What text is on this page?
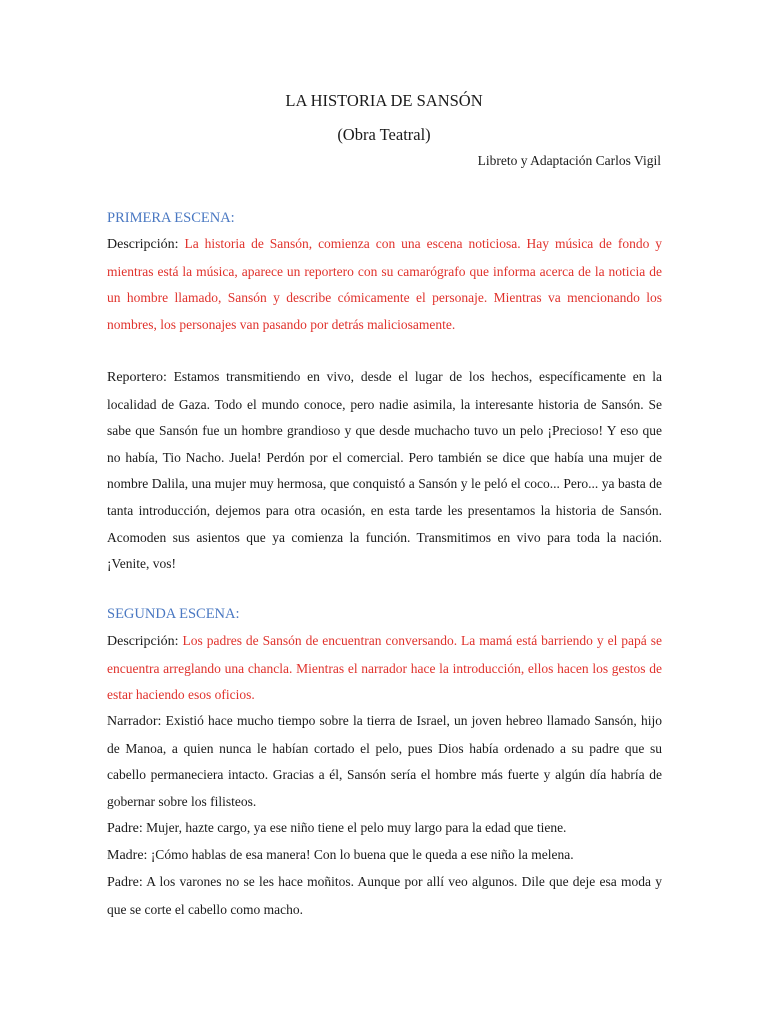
LA HISTORIA DE SANSÓN
(Obra Teatral)
Libreto y Adaptación Carlos Vigil
PRIMERA ESCENA:

Descripción: La historia de Sansón, comienza con una escena noticiosa. Hay música de fondo y mientras está la música, aparece un reportero con su camarógrafo que informa acerca de la noticia de un hombre llamado, Sansón y describe cómicamente el personaje. Mientras va mencionando los nombres, los personajes van pasando por detrás maliciosamente.

Reportero: Estamos transmitiendo en vivo, desde el lugar de los hechos, específicamente en la localidad de Gaza. Todo el mundo conoce, pero nadie asimila, la interesante historia de Sansón. Se sabe que Sansón fue un hombre grandioso y que desde muchacho tuvo un pelo ¡Precioso! Y eso que no había, Tio Nacho. Juela! Perdón por el comercial. Pero también se dice que había una mujer de nombre Dalila, una mujer muy hermosa, que conquistó a Sansón y le peló el coco... Pero... ya basta de tanta introducción, dejemos para otra ocasión, en esta tarde les presentamos la historia de Sansón. Acomoden sus asientos que ya comienza la función. Transmitimos en vivo para toda la nación. ¡Venite, vos!

SEGUNDA ESCENA:

Descripción: Los padres de Sansón de encuentran conversando. La mamá está barriendo y el papá se encuentra arreglando una chancla. Mientras el narrador hace la introducción, ellos hacen los gestos de estar haciendo esos oficios.

Narrador: Existió hace mucho tiempo sobre la tierra de Israel, un joven hebreo llamado Sansón, hijo de Manoa, a quien nunca le habían cortado el pelo, pues Dios había ordenado a su padre que su cabello permaneciera intacto. Gracias a él, Sansón sería el hombre más fuerte y algún día habría de gobernar sobre los filisteos.

Padre: Mujer, hazte cargo, ya ese niño tiene el pelo muy largo para la edad que tiene.

Madre: ¡Cómo hablas de esa manera! Con lo buena que le queda a ese niño la melena.

Padre: A los varones no se les hace moñitos. Aunque por allí veo algunos. Dile que deje esa moda y que se corte el cabello como macho.
